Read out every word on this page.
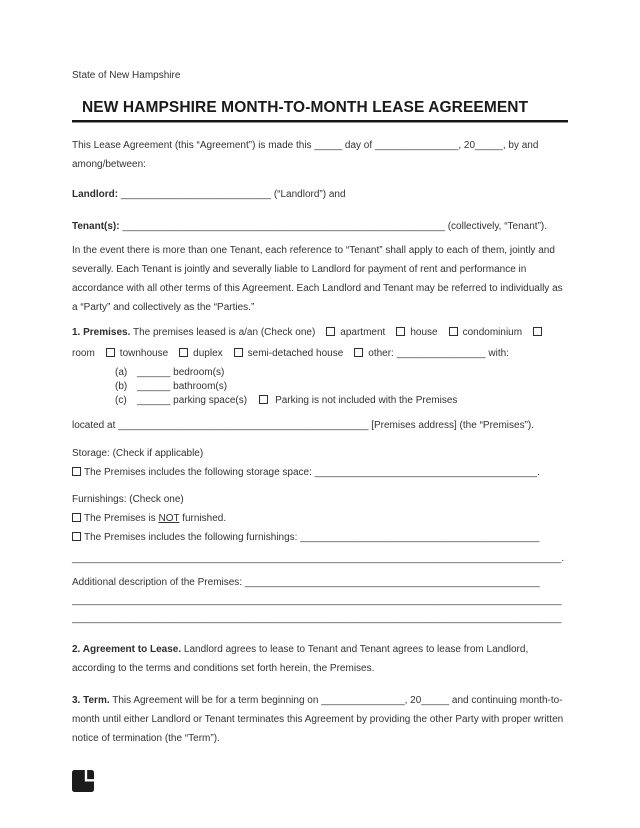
State of New Hampshire
NEW HAMPSHIRE MONTH-TO-MONTH LEASE AGREEMENT

This Lease Agreement (this “Agreement”) is made this _____ day of _______________, 20_____, by and among/between:

Landlord: ___________________________ (“Landlord”) and

Tenant(s): __________________________________________________________ (collectively, “Tenant”).

In the event there is more than one Tenant, each reference to “Tenant” shall apply to each of them, jointly and severally. Each Tenant is jointly and severally liable to Landlord for payment of rent and performance in accordance with all other terms of this Agreement. Each Landlord and Tenant may be referred to individually as a “Party” and collectively as the “Parties.”

1. Premises. The premises leased is a/an (Check one)	apartment	house	condominium
room	townhouse	duplex	semi-detached house	other: ________________ with:
(a) ______ bedroom(s)
(b) ______ bathroom(s)
(c) ______ parking space(s)	Parking is not included with the Premises
located at _____________________________________________ [Premises address] (the “Premises”).
Storage: (Check if applicable)
The Premises includes the following storage space: ________________________________________.
Furnishings: (Check one)
The Premises is NOT furnished.
The Premises includes the following furnishings: ___________________________________________
________________________________________________________________________________________.
Additional description of the Premises: _____________________________________________________
________________________________________________________________________________________
________________________________________________________________________________________

2. Agreement to Lease. Landlord agrees to lease to Tenant and Tenant agrees to lease from Landlord, according to the terms and conditions set forth herein, the Premises.

3. Term. This Agreement will be for a term beginning on _______________, 20_____ and continuing month-to-month until either Landlord or Tenant terminates this Agreement by providing the other Party with proper written notice of termination (the “Term”).
